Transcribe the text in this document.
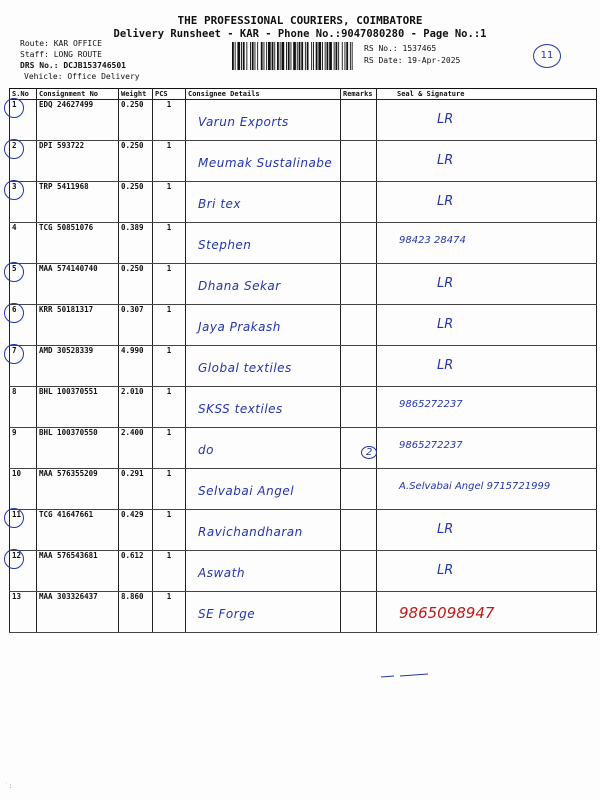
THE PROFESSIONAL COURIERS, COIMBATORE
Delivery Runsheet - KAR - Phone No.:9047080280 - Page No.:1
Route: KAR OFFICE
Staff: LONG ROUTE
DRS No.: DCJB153746501
Vehicle: Office Delivery
RS No.: 1537465
RS Date: 19-Apr-2025	11
S.No	Consignment No	Weight	PCS	Consignee Details	Remarks	Seal & Signature

1	EDQ 24627499	0.250	1	Varun Exports		LR

2	DPI 593722	0.250	1	Meumak Sustalinabe		LR

3	TRP 5411968	0.250	1	Bri tex		LR

4	TCG 50851076	0.389	1	Stephen		98423 28474

5	MAA 574140740	0.250	1	Dhana Sekar		LR

6	KRR 50181317	0.307	1	Jaya Prakash		LR

7	AMD 30528339	4.990	1	Global textiles		LR

8	BHL 100370551	2.010	1	SKSS textiles		9865272237

9	BHL 100370550	2.400	1	do	2	9865272237

10	MAA 576355209	0.291	1	Selvabai Angel		A.Selvabai Angel 9715721999

11	TCG 41647661	0.429	1	Ravichandharan		LR

12	MAA 576543681	0.612	1	Aswath		LR

13	MAA 303326437	8.860	1	SE Forge		9865098947
˙:
